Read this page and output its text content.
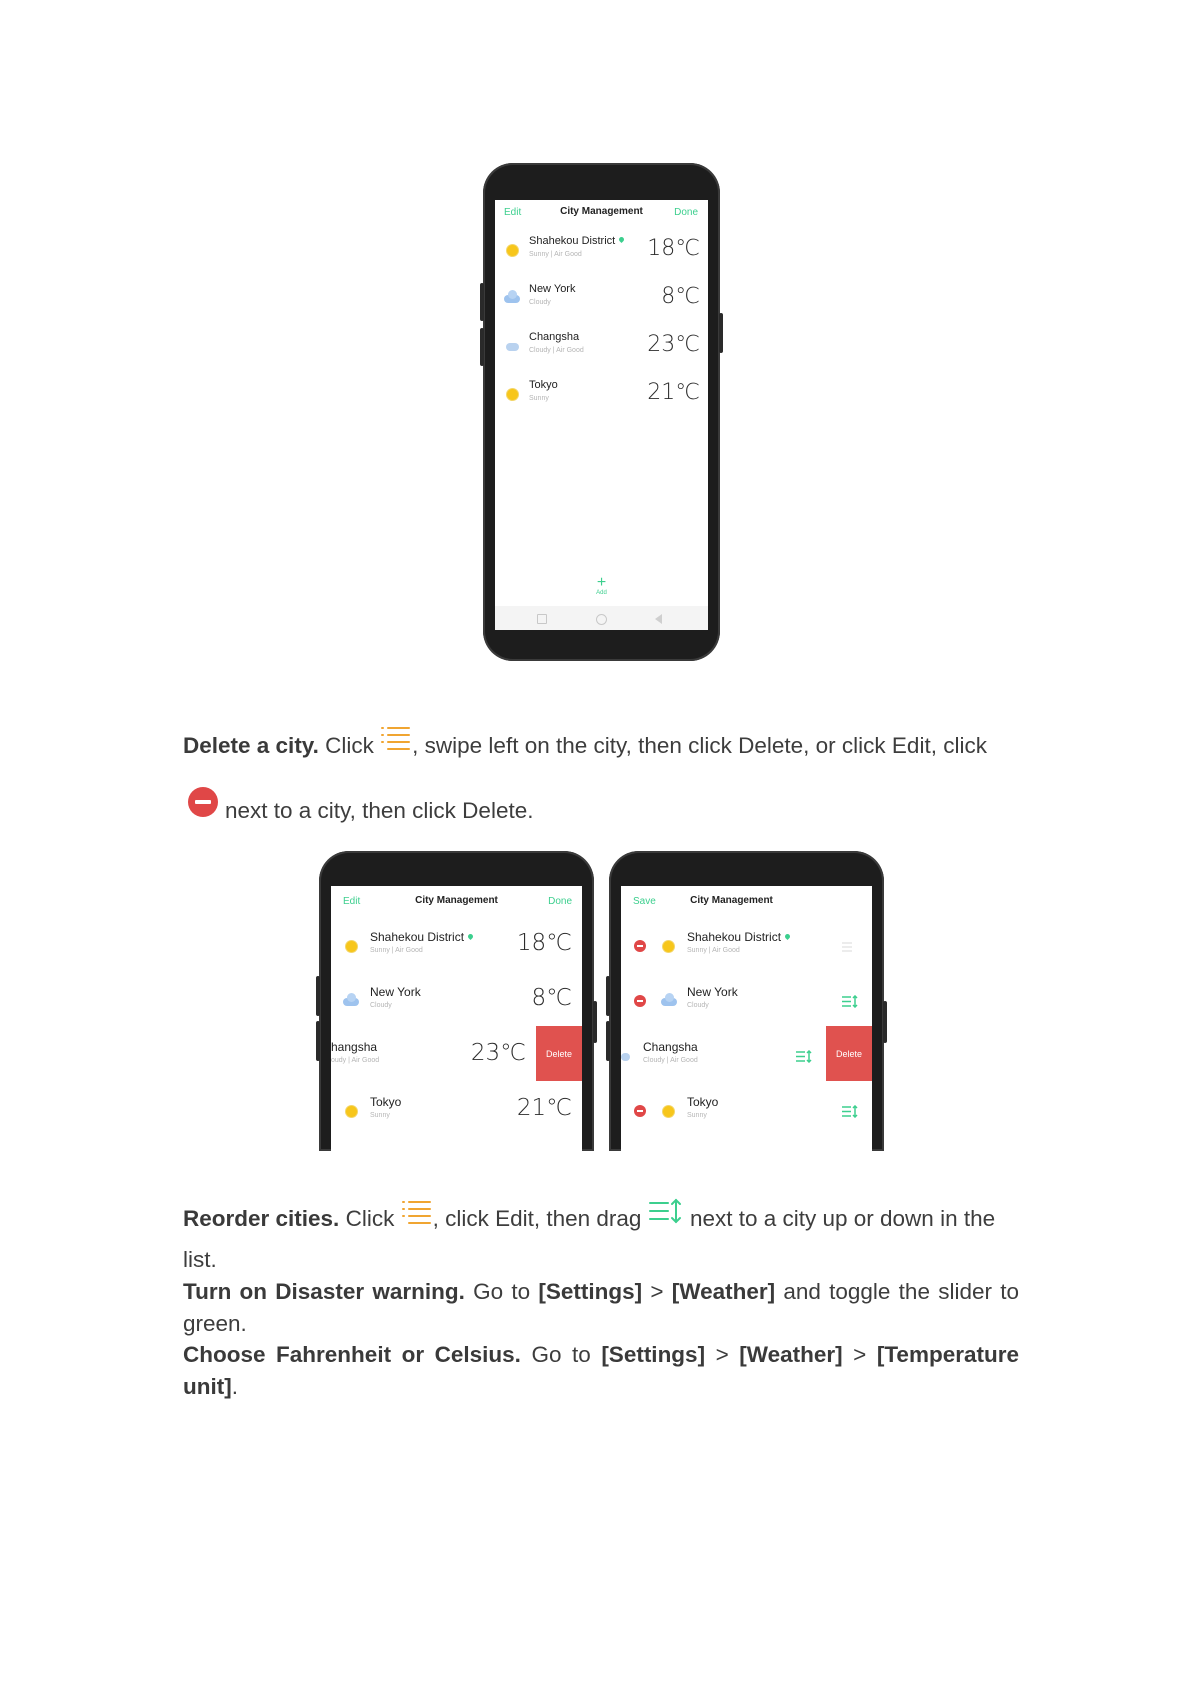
Edit	City Management	Done
Shahekou District
Sunny | Air Good	18℃
New York
Cloudy	8℃
Changsha
Cloudy | Air Good	23℃
Tokyo
Sunny	21℃
+
Add
Delete a city. Click , swipe left on the city, then click Delete, or click Edit, click
next to a city, then click Delete.
Edit	City Management	Done
Shahekou District
Sunny | Air Good	18℃
New York
Cloudy	8℃
hangsha
oudy | Air Good	23℃	Delete
Tokyo
Sunny	21℃
Save	City Management
Shahekou District
Sunny | Air Good
New York
Cloudy
Changsha
Cloudy | Air Good
Delete
Tokyo
Sunny
Reorder cities. Click , click Edit, then drag  next to a city up or down in the
list.
Turn on Disaster warning. Go to [Settings] > [Weather] and toggle the slider to green.
Choose Fahrenheit or Celsius. Go to [Settings] > [Weather] > [Temperature unit].
